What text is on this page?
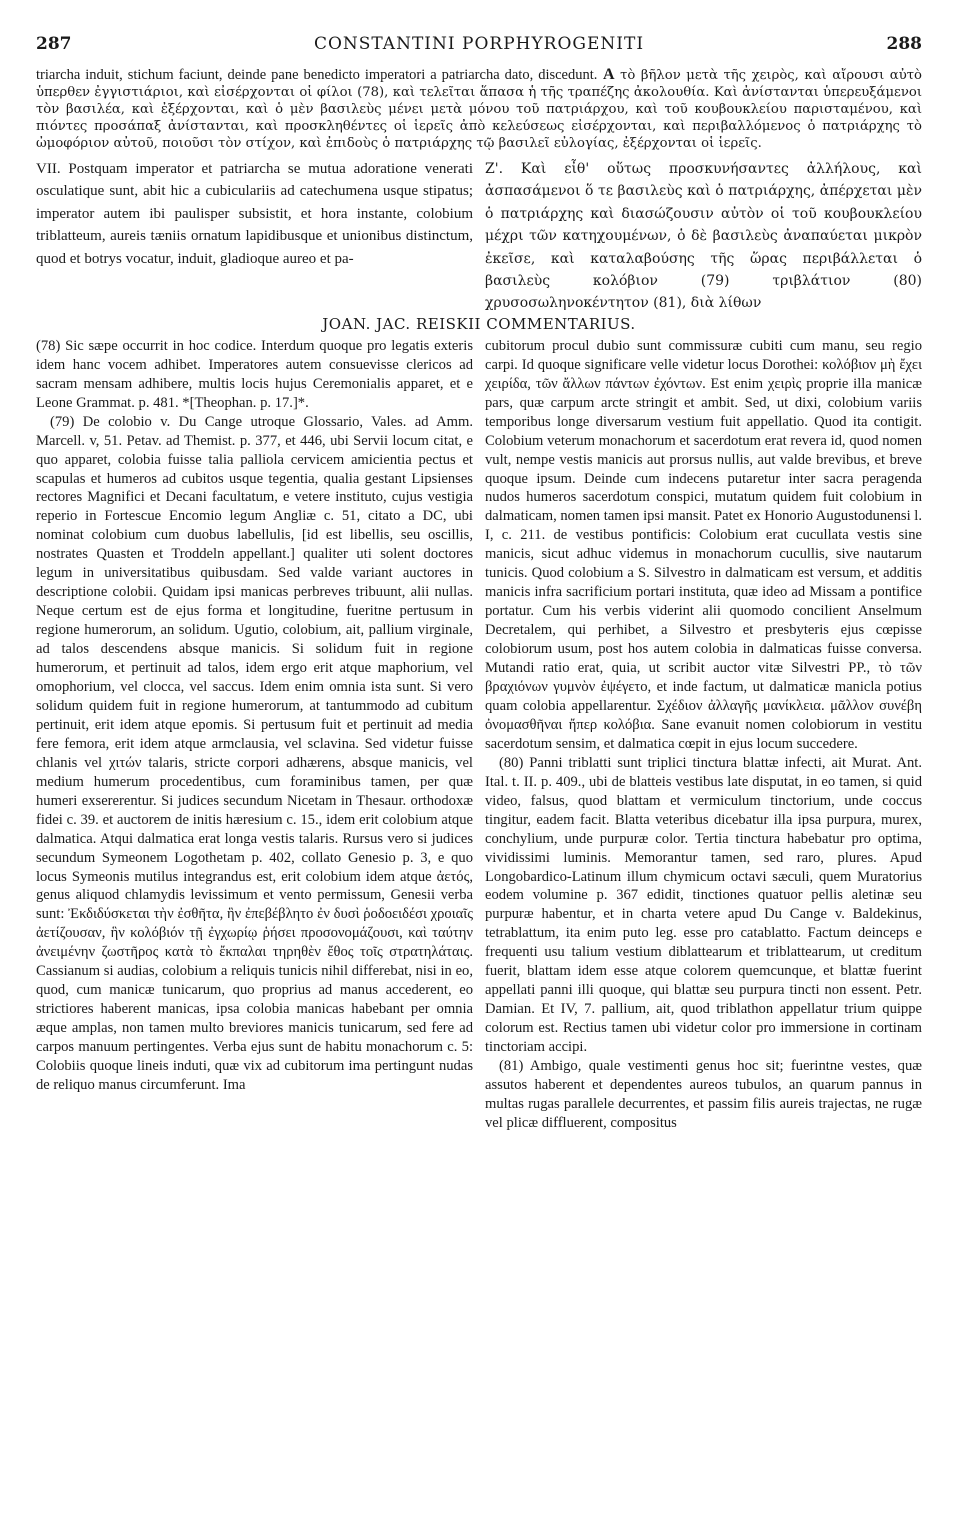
287	CONSTANTINI PORPHYROGENITI	288

triarcha induit, stichum faciunt, deinde pane benedicto imperatori a patriarcha dato, discedunt. A τὸ βῆλον μετὰ τῆς χειρὸς, καὶ αἴρουσι αὐτὸ ὑπερθεν ἐγγιστιάριοι, καὶ εἰσέρχονται οἱ φίλοι (78), καὶ τελεῖται ἅπασα ἡ τῆς τραπέζης ἀκολουθία. Καὶ ἀνίστανται ὑπερευξάμενοι τὸν βασιλέα, καὶ ἐξέρχονται, καὶ ὁ μὲν βασιλεὺς μένει μετὰ μόνου τοῦ πατριάρχου, καὶ τοῦ κουβουκλείου παρισταμένου, καὶ πιόντες προσάπαξ ἀνίστανται, καὶ προσκληθέντες οἱ ἱερεῖς ἀπὸ κελεύσεως εἰσέρχονται, καὶ περιβαλλόμενος ὁ πατριάρχης τὸ ὠμοφόριον αὐτοῦ, ποιοῦσι τὸν στίχον, καὶ ἐπιδοὺς ὁ πατριάρχης τῷ βασιλεῖ εὐλογίας, ἐξέρχονται οἱ ἱερεῖς.

VII. Postquam imperator et patriarcha se mutua adoratione venerati osculatique sunt, abit hic a cubiculariis ad catechumena usque stipatus; imperator autem ibi paulisper subsistit, et hora instante, colobium triblatteum, aureis tæniis ornatum lapidibusque et unionibus distinctum, quod et botrys vocatur, induit, gladioque aureo et pa-

Ζ'. Καὶ εἶθ' οὕτως προσκυνήσαντες ἀλλήλους, καὶ ἀσπασάμενοι ὅ τε βασιλεὺς καὶ ὁ πατριάρχης, ἀπέρχεται μὲν ὁ πατριάρχης καὶ διασώζουσιν αὐτὸν οἱ τοῦ κουβουκλείου μέχρι τῶν κατηχουμένων, ὁ δὲ βασιλεὺς ἀναπαύεται μικρὸν ἐκεῖσε, καὶ καταλαβούσης τῆς ὥρας περιβάλλεται ὁ βασιλεὺς κολόβιον (79) τριβλάτιον (80) χρυσοσωληνοκέντητον (81), διὰ λίθων

JOAN. JAC. REISKII COMMENTARIUS.

(78) Sic sæpe occurrit in hoc codice. Interdum quoque pro legatis exteris idem hanc vocem adhibet. Imperatores autem consuevisse clericos ad sacram mensam adhibere, multis locis hujus Ceremonialis apparet, et e Leone Grammat. p. 481. *[Theophan. p. 17.]*.

(79) De colobio v. Du Cange utroque Glossario, Vales. ad Amm. Marcell. v, 51. Petav. ad Themist. p. 377, et 446, ubi Servii locum citat, e quo apparet, colobia fuisse talia palliola cervicem amicientia pectus et scapulas et humeros ad cubitos usque tegentia, qualia gestant Lipsienses rectores Magnifici et Decani facultatum, e vetere instituto, cujus vestigia reperio in Fortescue Encomio legum Angliæ c. 51, citato a DC, ubi nominat colobium cum duobus labellulis, [id est libellis, seu oscillis, nostrates Quasten et Troddeln appellant.] qualiter uti solent doctores legum in universitatibus quibusdam. Sed valde variant auctores in descriptione colobii. Quidam ipsi manicas perbreves tribuunt, alii nullas. Neque certum est de ejus forma et longitudine, fueritne pertusum in regione humerorum, an solidum. Ugutio, colobium, ait, pallium virginale, ad talos descendens absque manicis. Si solidum fuit in regione humerorum, et pertinuit ad talos, idem ergo erit atque maphorium, vel omophorium, vel clocca, vel saccus. Idem enim omnia ista sunt. Si vero solidum quidem fuit in regione humerorum, at tantummodo ad cubitum pertinuit, erit idem atque epomis. Si pertusum fuit et pertinuit ad media fere femora, erit idem atque armclausia, vel sclavina. Sed videtur fuisse chlanis vel χιτών talaris, stricte corpori adhærens, absque manicis, vel medium humerum procedentibus, cum foraminibus tamen, per quæ humeri exsererentur. Si judices secundum Nicetam in Thesaur. orthodoxæ fidei c. 39. et auctorem de initis hæresium c. 15., idem erit colobium atque dalmatica. Atqui dalmatica erat longa vestis talaris. Rursus vero si judices secundum Symeonem Logothetam p. 402, collato Genesio p. 3, e quo locus Symeonis mutilus integrandus est, erit colobium idem atque ἀετός, genus aliquod chlamydis levissimum et vento permissum, Genesii verba sunt: Ἐκδιδύσκεται τὴν ἐσθῆτα, ἣν ἐπεβέβλητο ἐν δυσὶ ῥοδοειδέσι χροιαῖς ἀετίζουσαν, ἣν κολόβιόν τῇ ἐγχωρίῳ ῥήσει προσονομάζουσι, καὶ ταύτην ἀνειμένην ζωστῆρος κατὰ τὸ ἔκπαλαι τηρηθὲν ἔθος τοῖς στρατηλάταις. Cassianum si audias, colobium a reliquis tunicis nihil differebat, nisi in eo, quod, cum manicæ tunicarum, quo proprius ad manus accederent, eo strictiores haberent manicas, ipsa colobia manicas habebant per omnia æque amplas, non tamen multo breviores manicis tunicarum, sed fere ad carpos manuum pertingentes. Verba ejus sunt de habitu monachorum c. 5: Colobiis quoque lineis induti, quæ vix ad cubitorum ima pertingunt nudas de reliquo manus circumferunt. Ima

cubitorum procul dubio sunt commissuræ cubiti cum manu, seu regio carpi. Id quoque significare velle videtur locus Dorothei: κολόβιον μὴ ἔχει χειρίδα, τῶν ἄλλων πάντων ἐχόντων. Est enim χειρὶς proprie illa manicæ pars, quæ carpum arcte stringit et ambit. Sed, ut dixi, colobium variis temporibus longe diversarum vestium fuit appellatio. Quod ita contigit. Colobium veterum monachorum et sacerdotum erat revera id, quod nomen vult, nempe vestis manicis aut prorsus nullis, aut valde brevibus, et breve quoque ipsum. Deinde cum indecens putaretur inter sacra peragenda nudos humeros sacerdotum conspici, mutatum quidem fuit colobium in dalmaticam, nomen tamen ipsi mansit. Patet ex Honorio Augustodunensi l. I, c. 211. de vestibus pontificis: Colobium erat cucullata vestis sine manicis, sicut adhuc videmus in monachorum cucullis, sive nautarum tunicis. Quod colobium a S. Silvestro in dalmaticam est versum, et additis manicis infra sacrificium portari instituta, quæ ideo ad Missam a pontifice portatur. Cum his verbis viderint alii quomodo concilient Anselmum Decretalem, qui perhibet, a Silvestro et presbyteris ejus cœpisse colobiorum usum, post hos autem colobia in dalmaticas fuisse conversa. Mutandi ratio erat, quia, ut scribit auctor vitæ Silvestri PP., τὸ τῶν βραχιόνων γυμνὸν ἐψέγετο, et inde factum, ut dalmaticæ manicla potius quam colobia appellarentur. Σχέδιον ἀλλαγῆς μανίκλεια. μᾶλλον συνέβη ὀνομασθῆναι ἤπερ κολόβια. Sane evanuit nomen colobiorum in vestitu sacerdotum sensim, et dalmatica cœpit in ejus locum succedere.

(80) Panni triblatti sunt triplici tinctura blattæ infecti, ait Murat. Ant. Ital. t. II. p. 409., ubi de blatteis vestibus late disputat, in eo tamen, si quid video, falsus, quod blattam et vermiculum tinctorium, unde coccus tingitur, eadem facit. Blatta veteribus dicebatur illa ipsa purpura, murex, conchylium, unde purpuræ color. Tertia tinctura habebatur pro optima, vividissimi luminis. Memorantur tamen, sed raro, plures. Apud Longobardico-Latinum illum chymicum octavi sæculi, quem Muratorius eodem volumine p. 367 edidit, tinctiones quatuor pellis aletinæ seu purpuræ habentur, et in charta vetere apud Du Cange v. Baldekinus, tetrablattum, ita enim puto leg. esse pro catablatto. Factum deinceps e frequenti usu talium vestium diblattearum et triblattearum, ut creditum fuerit, blattam idem esse atque colorem quemcunque, et blattæ fuerint appellati panni illi quoque, qui blattæ seu purpura tincti non essent. Petr. Damian. Et IV, 7. pallium, ait, quod triblathon appellatur trium quippe colorum est. Rectius tamen ubi videtur color pro immersione in cortinam tinctoriam accipi.

(81) Ambigo, quale vestimenti genus hoc sit; fuerintne vestes, quæ assutos haberent et dependentes aureos tubulos, an quarum pannus in multas rugas parallele decurrentes, et passim filis aureis trajectas, ne rugæ vel plicæ diffluerent, compositus
